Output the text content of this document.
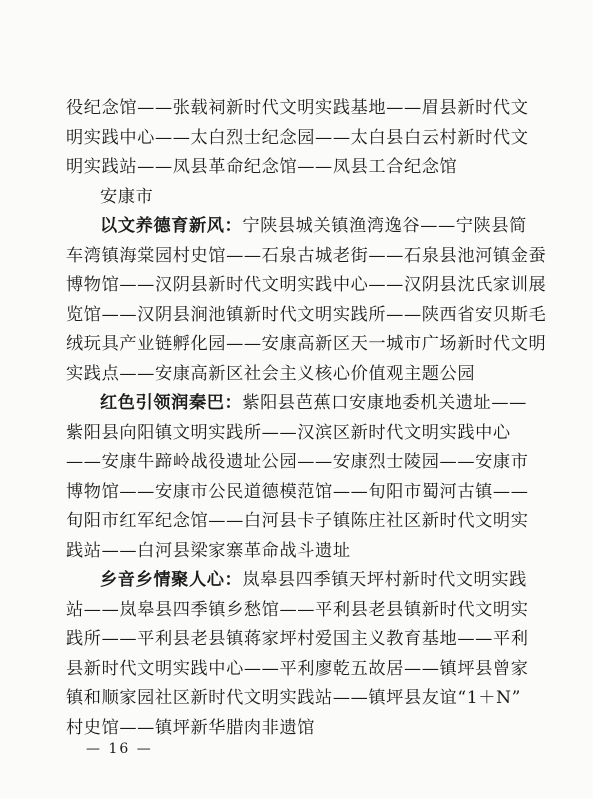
役纪念馆——张载祠新时代文明实践基地——眉县新时代文

明实践中心——太白烈士纪念园——太白县白云村新时代文

明实践站——凤县革命纪念馆——凤县工合纪念馆

安康市

以文养德育新风：宁陕县城关镇渔湾逸谷——宁陕县简

车湾镇海棠园村史馆——石泉古城老街——石泉县池河镇金蚕

博物馆——汉阴县新时代文明实践中心——汉阴县沈氏家训展

览馆——汉阴县涧池镇新时代文明实践所——陕西省安贝斯毛

绒玩具产业链孵化园——安康高新区天一城市广场新时代文明

实践点——安康高新区社会主义核心价值观主题公园

红色引领润秦巴：紫阳县芭蕉口安康地委机关遗址——

紫阳县向阳镇文明实践所——汉滨区新时代文明实践中心

——安康牛蹄岭战役遗址公园——安康烈士陵园——安康市

博物馆——安康市公民道德模范馆——旬阳市蜀河古镇——

旬阳市红军纪念馆——白河县卡子镇陈庄社区新时代文明实

践站——白河县梁家寨革命战斗遗址

乡音乡情聚人心：岚皋县四季镇天坪村新时代文明实践

站——岚皋县四季镇乡愁馆——平利县老县镇新时代文明实

践所——平利县老县镇蒋家坪村爱国主义教育基地——平利

县新时代文明实践中心——平利廖乾五故居——镇坪县曾家

镇和顺家园社区新时代文明实践站——镇坪县友谊“1＋N”

村史馆——镇坪新华腊肉非遗馆

— 16 —
